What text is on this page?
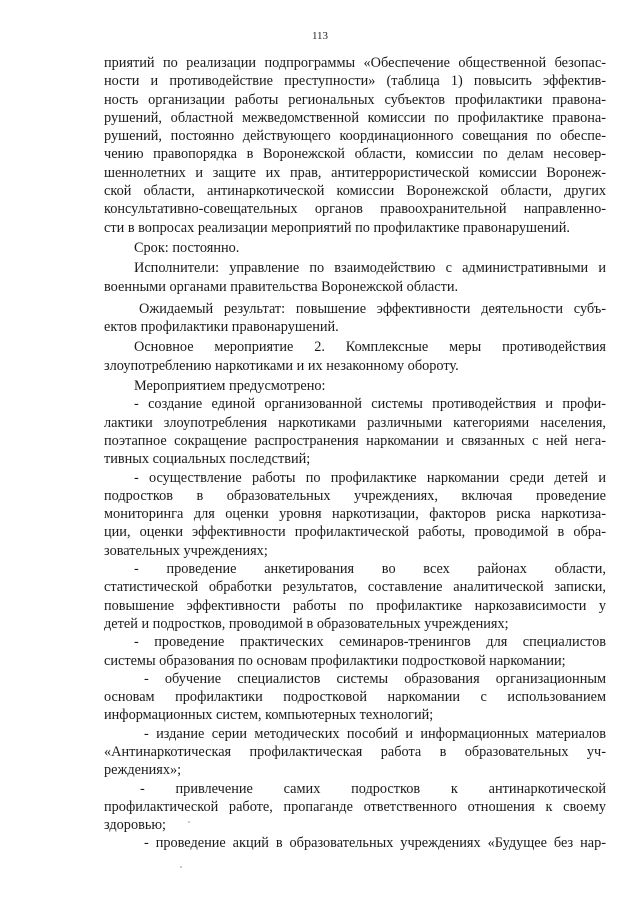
113
приятий по реализации подпрограммы «Обеспечение общественной безопас-
ности и противодействие преступности» (таблица 1) повысить эффектив-
ность организации работы региональных субъектов профилактики правона-
рушений, областной межведомственной комиссии по профилактике правона-
рушений, постоянно действующего координационного совещания по обеспе-
чению правопорядка в Воронежской области, комиссии по делам несовер-
шеннолетних и защите их прав, антитеррористической комиссии Воронеж-
ской области, антинаркотической комиссии Воронежской области, других
консультативно-совещательных органов правоохранительной направленно-
сти в вопросах реализации мероприятий по профилактике правонарушений.
Срок: постоянно.
Исполнители: управление по взаимодействию с административными и
военными органами правительства Воронежской области.
Ожидаемый результат: повышение эффективности деятельности субъ-
ектов профилактики правонарушений.
Основное мероприятие 2. Комплексные меры противодействия
злоупотреблению наркотиками и их незаконному обороту.
Мероприятием предусмотрено:
- создание единой организованной системы противодействия и профи-
лактики злоупотребления наркотиками различными категориями населения,
поэтапное сокращение распространения наркомании и связанных с ней нега-
тивных социальных последствий;
- осуществление работы по профилактике наркомании среди детей и
подростков в образовательных учреждениях, включая проведение
мониторинга для оценки уровня наркотизации, факторов риска наркотиза-
ции, оценки эффективности профилактической работы, проводимой в обра-
зовательных учреждениях;
- проведение анкетирования во всех районах области,
статистической обработки результатов, составление аналитической записки,
повышение эффективности работы по профилактике наркозависимости у
детей и подростков, проводимой в образовательных учреждениях;
- проведение практических семинаров-тренингов для специалистов
системы образования по основам профилактики подростковой наркомании;
- обучение специалистов системы образования организационным
основам профилактики подростковой наркомании с использованием
информационных систем, компьютерных технологий;
- издание серии методических пособий и информационных материалов
«Антинаркотическая профилактическая работа в образовательных уч-
реждениях»;
- привлечение самих подростков к антинаркотической
профилактической работе, пропаганде ответственного отношения к своему
здоровью;
- проведение акций в образовательных учреждениях «Будущее без нар-
